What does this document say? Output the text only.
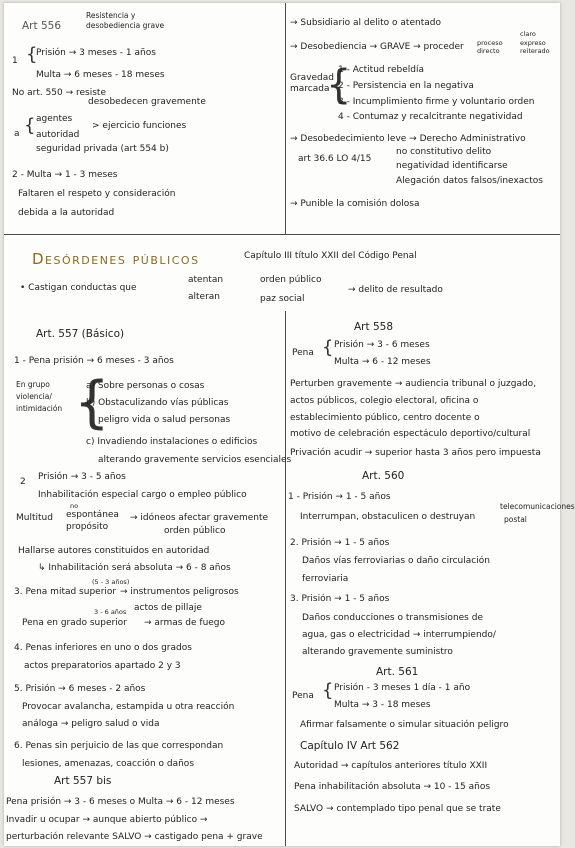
Art 556
Resistencia y
desobediencia grave
1 {
Prisión → 3 meses - 1 años
Multa → 6 meses - 18 meses
No art. 550 → resiste
desobedecen gravemente
a { agentes
autoridad
> ejercicio funciones
seguridad privada (art 554 b)
2 - Multa → 1 - 3 meses
Faltaren el respeto y consideración
debida a la autoridad
→ Subsidiario al delito o atentado
→ Desobediencia → GRAVE → proceder proceso
directo
claro
expreso
reiterado
Gravedad
marcada
{
1 - Actitud rebeldía
2 - Persistencia en la negativa
3 - Incumplimiento firme y voluntario orden
4 - Contumaz y recalcitrante negatividad
→ Desobedecimiento leve → Derecho Administrativo
art 36.6 LO 4/15
no constitutivo delito
negatividad identificarse
Alegación datos falsos/inexactos
→ Punible la comisión dolosa
Desórdenes públicos	Capítulo III título XXII del Código Penal
• Castigan conductas que
atentan
alteran
orden público
paz social
→ delito de resultado
Art. 557 (Básico)
1 - Pena prisión → 6 meses - 3 años
En grupo
violencia/
intimidación {
a) Sobre personas o cosas
b) Obstaculizando vías públicas
peligro vida o salud personas
c) Invadiendo instalaciones o edificios
alterando gravemente servicios esenciales
2 Prisión → 3 - 5 años
Inhabilitación especial cargo o empleo público
Multitud
no
espontánea
propósito
→ idóneos afectar gravemente
orden público
Hallarse autores constituidos en autoridad
↳ Inhabilitación será absoluta → 6 - 8 años
3. Pena mitad superior
(5 - 3 años)
→ instrumentos peligrosos
actos de pillaje
3 - 6 años
Pena en grado superior → armas de fuego
4. Penas inferiores en uno o dos grados
actos preparatorios apartado 2 y 3
5. Prisión → 6 meses - 2 años
Provocar avalancha, estampida u otra reacción
análoga → peligro salud o vida
6. Penas sin perjuicio de las que correspondan
lesiones, amenazas, coacción o daños
Art 557 bis
Pena prisión → 3 - 6 meses o Multa → 6 - 12 meses
Invadir u ocupar → aunque abierto público →
perturbación relevante SALVO → castigado pena + grave
Art 558
Pena { Prisión → 3 - 6 meses
Multa → 6 - 12 meses
Perturben gravemente → audiencia tribunal o juzgado,
actos públicos, colegio electoral, oficina o
establecimiento público, centro docente o
motivo de celebración espectáculo deportivo/cultural
Privación acudir → superior hasta 3 años pero impuesta
Art. 560
1 - Prisión → 1 - 5 años
Interrumpan, obstaculicen o destruyan
telecomunicaciones
postal
2. Prisión → 1 - 5 años
Daños vías ferroviarias o daño circulación
ferroviaria
3. Prisión → 1 - 5 años
Daños conducciones o transmisiones de
agua, gas o electricidad → interrumpiendo/
alterando gravemente suministro
Art. 561
Pena { Prisión - 3 meses 1 día - 1 año
Multa → 3 - 18 meses
Afirmar falsamente o simular situación peligro
Capítulo IV Art 562
Autoridad → capítulos anteriores título XXII
Pena inhabilitación absoluta → 10 - 15 años
SALVO → contemplado tipo penal que se trate
